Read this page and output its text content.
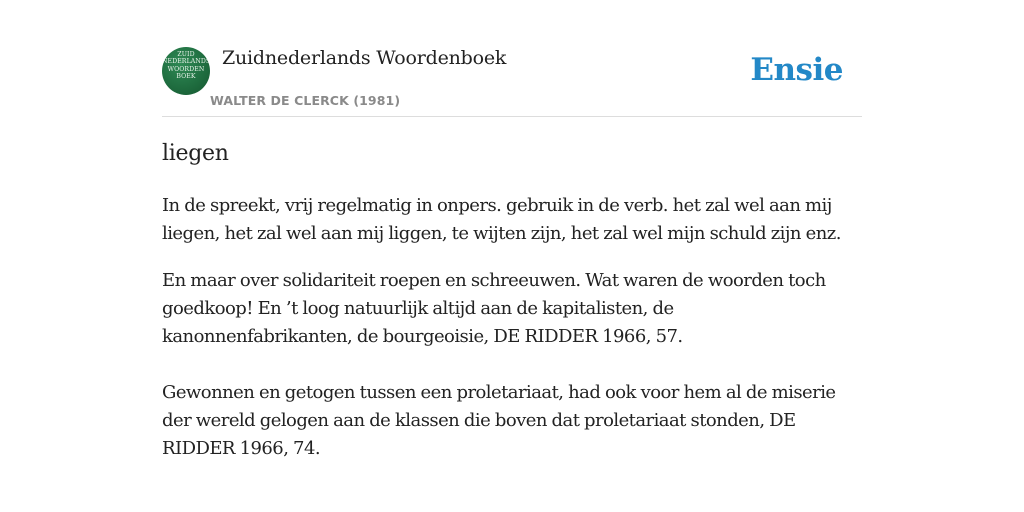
ZUID
NEDERLANDS
WOORDEN
BOEK
Zuidnederlands Woordenboek
WALTER DE CLERCK (1981)
Ensie
liegen
In de spreekt, vrij regelmatig in onpers. gebruik in de verb. het zal wel aan mij liegen, het zal wel aan mij liggen, te wijten zijn, het zal wel mijn schuld zijn enz.
En maar over solidariteit roepen en schreeuwen. Wat waren de woorden toch goedkoop! En ’t loog natuurlijk altijd aan de kapitalisten, de kanonnenfabrikanten, de bourgeoisie, DE RIDDER 1966, 57.
Gewonnen en getogen tussen een proletariaat, had ook voor hem al de miserie der wereld gelogen aan de klassen die boven dat proletariaat stonden, DE RIDDER 1966, 74.
